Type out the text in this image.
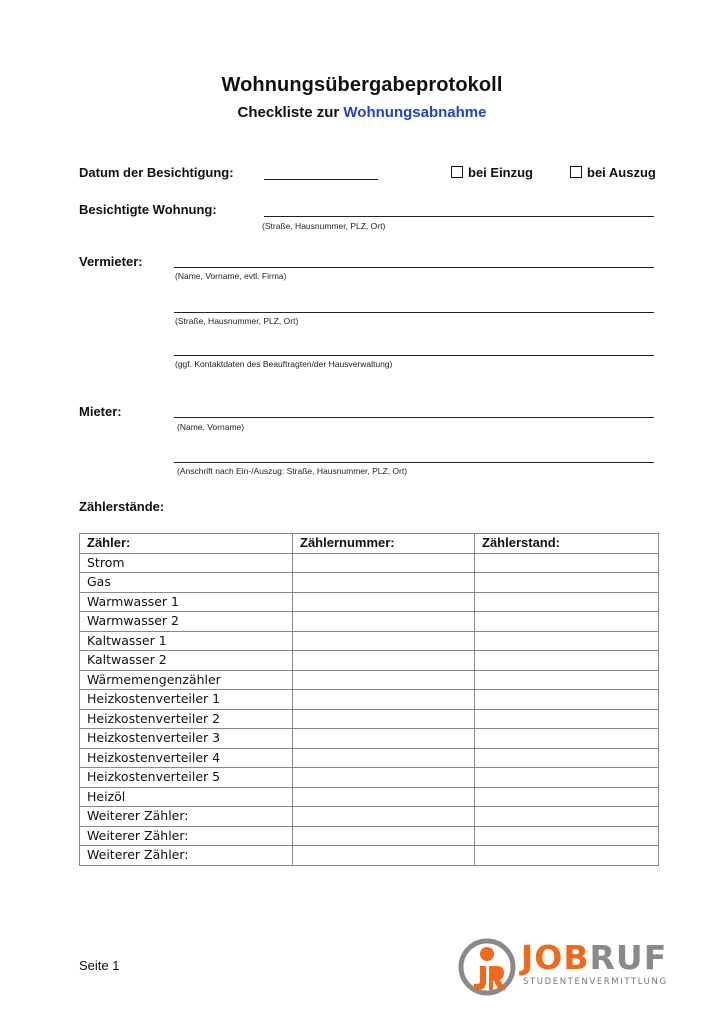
Wohnungsübergabeprotokoll
Checkliste zur Wohnungsabnahme
Datum der Besichtigung:	bei Einzug	bei Auszug
Besichtigte Wohnung:
(Straße, Hausnummer, PLZ, Ort)
Vermieter:
(Name, Vorname, evtl. Firma)
(Straße, Hausnummer, PLZ, Ort)
(ggf. Kontaktdaten des Beauftragten/der Hausverwaltung)
Mieter:
(Name, Vorname)
(Anschrift nach Ein-/Auszug: Straße, Hausnummer, PLZ, Ort)
Zählerstände:
Zähler:	Zählernummer:	Zählerstand:
Strom		
Gas		
Warmwasser 1		
Warmwasser 2		
Kaltwasser 1		
Kaltwasser 2		
Wärmemengenzähler		
Heizkostenverteiler 1		
Heizkostenverteiler 2		
Heizkostenverteiler 3		
Heizkostenverteiler 4		
Heizkostenverteiler 5		
Heizöl		
Weiterer Zähler:		
Weiterer Zähler:		
Weiterer Zähler:		
Seite 1	JOBRUF
STUDENTENVERMITTLUNG
